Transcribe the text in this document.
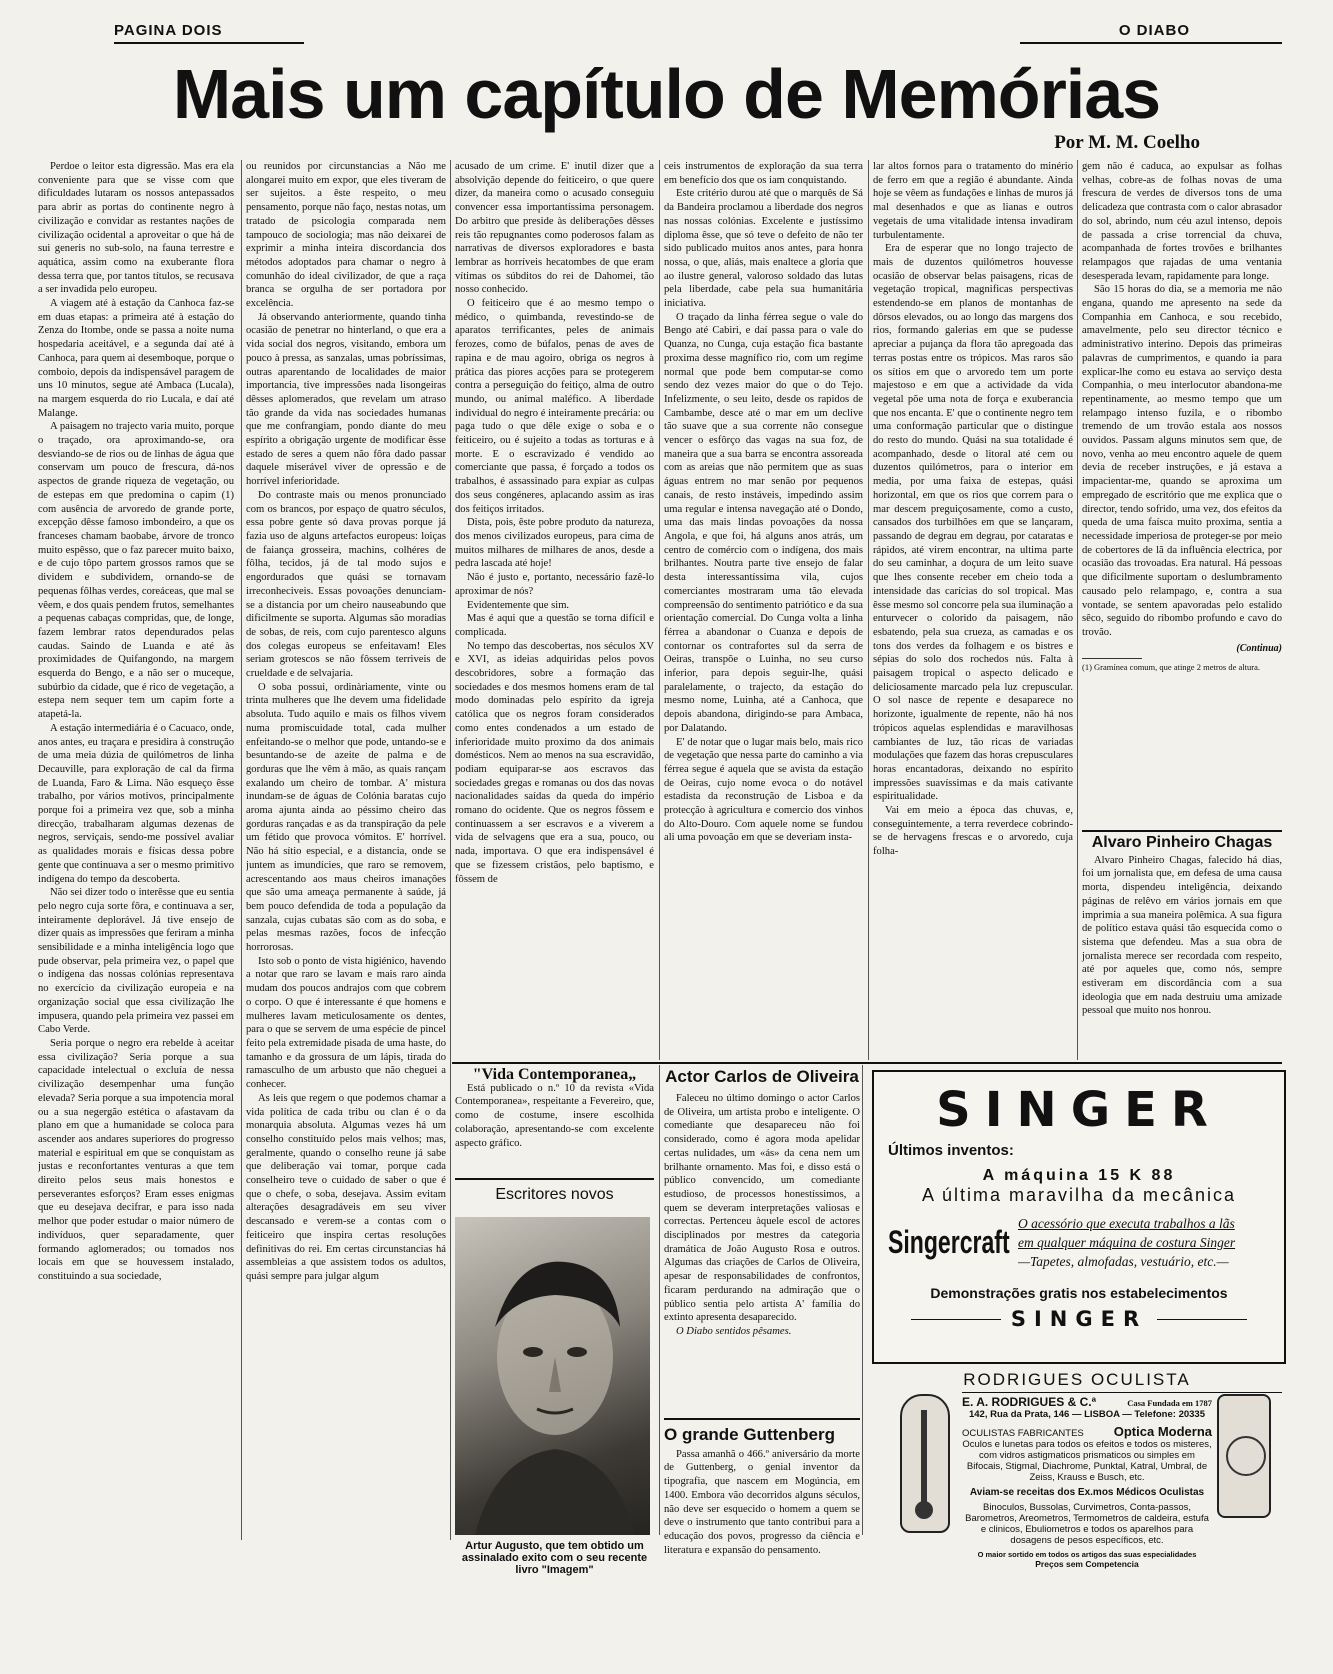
PAGINA DOIS	O DIABO
Mais um capítulo de Memórias
Por M. M. Coelho

Perdoe o leitor esta digressão. Mas era ela conveniente para que se visse com que dificuldades lutaram os nossos antepassados para abrir as portas do continente negro à civilização e convidar as restantes nações de civilização ocidental a aproveitar o que há de sui generis no sub-solo, na fauna terrestre e aquática, assim como na exuberante flora dessa terra que, por tantos títulos, se recusava a ser invadida pelo europeu.

A viagem até à estação da Canhoca faz-se em duas etapas: a primeira até à estação do Zenza do Itombe, onde se passa a noite numa hospedaria aceitável, e a segunda daí até à Canhoca, para quem ai desemboque, porque o comboio, depois da indispensável paragem de uns 10 minutos, segue até Ambaca (Lucala), na margem esquerda do rio Lucala, e daí até Malange.

A paisagem no trajecto varia muito, porque o traçado, ora aproximando-se, ora desviando-se de rios ou de linhas de água que conservam um pouco de frescura, dá-nos aspectos de grande riqueza de vegetação, ou de estepas em que predomina o capim (1) com ausência de arvoredo de grande porte, excepção dêsse famoso imbondeiro, a que os franceses chamam baobabe, árvore de tronco muito espêsso, que o faz parecer muito baixo, e de cujo tôpo partem grossos ramos que se dividem e subdividem, ornando-se de pequenas fôlhas verdes, coreáceas, que mal se vêem, e dos quais pendem frutos, semelhantes a pequenas cabaças compridas, que, de longe, fazem lembrar ratos dependurados pelas caudas. Saindo de Luanda e até às proximidades de Quifangondo, na margem esquerda do Bengo, e a não ser o muceque, subúrbio da cidade, que é rico de vegetação, a estepa nem sequer tem um capim forte a atapetá-la.

A estação intermediária é o Cacuaco, onde, anos antes, eu traçara e presidira à construção de uma meia dúzia de quilómetros de linha Decauville, para exploração de cal da firma de Luanda, Faro & Lima. Não esqueço êsse trabalho, por vários motivos, principalmente porque foi a primeira vez que, sob a minha direcção, trabalharam algumas dezenas de negros, serviçais, sendo-me possível avaliar as qualidades morais e físicas dessa pobre gente que continuava a ser o mesmo primitivo indígena do tempo da descoberta.

Não sei dizer todo o interêsse que eu sentia pelo negro cuja sorte fôra, e continuava a ser, inteiramente deplorável. Já tive ensejo de dizer quais as impressões que feriram a minha sensibilidade e a minha inteligência logo que pude observar, pela primeira vez, o papel que o indígena das nossas colónias representava no exercício da civilização europeia e na organização social que essa civilização lhe impusera, quando pela primeira vez passei em Cabo Verde.

Seria porque o negro era rebelde à aceitar essa civilização? Seria porque a sua capacidade intelectual o excluía de nessa civilização desempenhar uma função elevada? Seria porque a sua impotencia moral ou a sua negergão estética o afastavam da plano em que a humanidade se coloca para ascender aos andares superiores do progresso material e espiritual em que se conquistam as justas e reconfortantes venturas a que tem direito pelos seus mais honestos e perseverantes esforços? Eram esses enigmas que eu desejava decifrar, e para isso nada melhor que poder estudar o maior número de indivíduos, quer separadamente, quer formando aglomerados; ou tomados nos locais em que se houvessem instalado, constituindo a sua sociedade,

ou reunidos por circunstancias a Não me alongarei muito em expor, que eles tiveram de ser sujeitos. a êste respeito, o meu pensamento, porque não faço, nestas notas, um tratado de psicologia comparada nem tampouco de sociologia; mas não deixarei de exprimir a minha inteira discordancia dos métodos adoptados para chamar o negro à comunhão do ideal civilizador, de que a raça branca se orgulha de ser portadora por excelência.

Já observando anteriormente, quando tinha ocasião de penetrar no hinterland, o que era a vida social dos negros, visitando, embora um pouco à pressa, as sanzalas, umas pobríssimas, outras aparentando de localidades de maior importancia, tive impressões nada lisongeiras dêsses aplomerados, que revelam um atraso tão grande da vida nas sociedades humanas que me confrangiam, pondo diante do meu espírito a obrigação urgente de modificar êsse estado de seres a quem não fôra dado passar daquele miserável viver de opressão e de horrível inferioridade.

Do contraste mais ou menos pronunciado com os brancos, por espaço de quatro séculos, essa pobre gente só dava provas porque já fazia uso de alguns artefactos europeus: loiças de faiança grosseira, machins, colhéres de fôlha, tecidos, já de tal modo sujos e engordurados que quási se tornavam irreconheciveis. Essas povoações denunciam-se a distancia por um cheiro nauseabundo que dificilmente se suporta. Algumas são moradias de sobas, de reis, com cujo parentesco alguns dos colegas europeus se enfeitavam! Eles seriam grotescos se não fôssem terriveis de crueldade e de selvajaria.

O soba possui, ordinàriamente, vinte ou trinta mulheres que lhe devem uma fidelidade absoluta. Tudo aquilo e mais os filhos vivem numa promiscuidade total, cada mulher enfeitando-se o melhor que pode, untando-se e besuntando-se de azeite de palma e de gorduras que lhe vêm à mão, as quais rançam exalando um cheiro de tombar. A' mistura inundam-se de águas de Colónia baratas cujo aroma ajunta ainda ao péssimo cheiro das gorduras rançadas e as da transpiração da pele um fétido que provoca vómitos. E' horrível. Não há sítio especial, e a distancia, onde se juntem as imundícies, que raro se removem, acrescentando aos maus cheiros imanações que são uma ameaça permanente à saúde, já bem pouco defendida de toda a população da sanzala, cujas cubatas são com as do soba, e pelas mesmas razões, focos de infecção horrorosas.

Isto sob o ponto de vista higiénico, havendo a notar que raro se lavam e mais raro ainda mudam dos poucos andrajos com que cobrem o corpo. O que é interessante é que homens e mulheres lavam meticulosamente os dentes, para o que se servem de uma espécie de pincel feito pela extremidade pisada de uma haste, do tamanho e da grossura de um lápis, tirada do ramasculho de um arbusto que não cheguei a conhecer.

As leis que regem o que podemos chamar a vida política de cada tribu ou clan é o da monarquia absoluta. Algumas vezes há um conselho constituído pelos mais velhos; mas, geralmente, quando o conselho reune já sabe que deliberação vai tomar, porque cada conselheiro teve o cuidado de saber o que é que o chefe, o soba, desejava. Assim evitam alterações desagradáveis em seu viver descansado e verem-se a contas com o feiticeiro que inspira certas resoluções definitivas do rei. Em certas circunstancias há assembleias a que assistem todos os adultos, quási sempre para julgar algum

acusado de um crime. E' inutil dizer que a absolvição depende do feiticeiro, o que quere dizer, da maneira como o acusado conseguiu convencer essa importantíssima personagem. Do arbitro que preside às deliberações dêsses reis tão repugnantes como poderosos falam as narrativas de diversos exploradores e basta lembrar as horríveis hecatombes de que eram vítimas os súbditos do rei de Dahomei, tão nosso conhecido.

O feiticeiro que é ao mesmo tempo o médico, o quimbanda, revestindo-se de aparatos terrificantes, peles de animais ferozes, como de búfalos, penas de aves de rapina e de mau agoiro, obriga os negros à prática das piores acções para se protegerem contra a perseguição do feitiço, alma de outro mundo, ou animal maléfico. A liberdade individual do negro é inteiramente precária: ou paga tudo o que dêle exige o soba e o feiticeiro, ou é sujeito a todas as torturas e à morte. E o escravizado é vendido ao comerciante que passa, é forçado a todos os trabalhos, é assassinado para expiar as culpas dos seus congéneres, aplacando assim as iras dos feitiços irritados.

Dista, pois, êste pobre produto da natureza, dos menos civilizados europeus, para cima de muitos milhares de milhares de anos, desde a pedra lascada até hoje!

Não é justo e, portanto, necessário fazê-lo aproximar de nós?

Evidentemente que sim.

Mas é aqui que a questão se torna difícil e complicada.

No tempo das descobertas, nos séculos XV e XVI, as ideias adquiridas pelos povos descobridores, sobre a formação das sociedades e dos mesmos homens eram de tal modo dominadas pelo espírito da igreja católica que os negros foram considerados como entes condenados a um estado de inferioridade muito proximo da dos animais domésticos. Nem ao menos na sua escravidão, podiam equiparar-se aos escravos das sociedades gregas e romanas ou dos das novas nacionalidades saídas da queda do império romano do ocidente. Que os negros fôssem e continuassem a ser escravos e a viverem a vida de selvagens que era a sua, pouco, ou nada, importava. O que era indispensável é que se fizessem cristãos, pelo baptismo, e fôssem de

ceis instrumentos de exploração da sua terra em benefício dos que os iam conquistando.

Este critério durou até que o marquês de Sá da Bandeira proclamou a liberdade dos negros nas nossas colónias. Excelente e justíssimo diploma êsse, que só teve o defeito de não ter sido publicado muitos anos antes, para honra nossa, o que, aliás, mais enaltece a gloria que ao ilustre general, valoroso soldado das lutas pela liberdade, cabe pela sua humanitária iniciativa.

O traçado da linha férrea segue o vale do Bengo até Cabiri, e daí passa para o vale do Quanza, no Cunga, cuja estação fica bastante proxima desse magnífico rio, com um regime normal que pode bem computar-se como sendo dez vezes maior do que o do Tejo. Infelizmente, o seu leito, desde os rapidos de Cambambe, desce até o mar em um declive tão suave que a sua corrente não consegue vencer o esfôrço das vagas na sua foz, de maneira que a sua barra se encontra assoreada com as areias que não permitem que as suas águas entrem no mar senão por pequenos canais, de resto instáveis, impedindo assim uma regular e intensa navegação até o Dondo, uma das mais lindas povoações da nossa Angola, e que foi, há alguns anos atrás, um centro de comércio com o indígena, dos mais brilhantes. Noutra parte tive ensejo de falar desta interessantíssima vila, cujos comerciantes mostraram uma tão elevada compreensão do sentimento patriótico e da sua orientação comercial. Do Cunga volta a linha férrea a abandonar o Cuanza e depois de contornar os contrafortes sul da serra de Oeiras, transpõe o Luinha, no seu curso inferior, para depois seguir-lhe, quási paralelamente, o trajecto, da estação do mesmo nome, Luinha, até a Canhoca, que depois abandona, dirigindo-se para Ambaca, por Dalatando.

E' de notar que o lugar mais belo, mais rico de vegetação que nessa parte do caminho a via férrea segue é aquela que se avista da estação de Oeiras, cujo nome evoca o do notável estadista da reconstrução de Lisboa e da protecção à agricultura e comercio dos vinhos do Alto-Douro. Com aquele nome se fundou ali uma povoação em que se deveriam insta-

lar altos fornos para o tratamento do minério de ferro em que a região é abundante. Ainda hoje se vêem as fundações e linhas de muros já mal desenhados e que as lianas e outros vegetais de uma vitalidade intensa invadiram turbulentamente.

Era de esperar que no longo trajecto de mais de duzentos quilómetros houvesse ocasião de observar belas paisagens, ricas de vegetação tropical, magnificas perspectivas estendendo-se em planos de montanhas de dôrsos elevados, ou ao longo das margens dos rios, formando galerias em que se pudesse apreciar a pujança da flora tão apregoada das terras postas entre os trópicos. Mas raros são os sítios em que o arvoredo tem um porte majestoso e em que a actividade da vida vegetal põe uma nota de força e exuberancia que nos encanta. E' que o continente negro tem uma conformação particular que o distingue do resto do mundo. Quási na sua totalidade é acompanhado, desde o litoral até cem ou duzentos quilómetros, para o interior em media, por uma faixa de estepas, quási horizontal, em que os rios que correm para o mar descem preguiçosamente, como a custo, cansados dos turbilhões em que se lançaram, passando de degrau em degrau, por cataratas e rápidos, até virem encontrar, na ultima parte do seu caminhar, a doçura de um leito suave que lhes consente receber em cheio toda a intensidade das carícias do sol tropical. Mas êsse mesmo sol concorre pela sua iluminação a enturvecer o colorido da paisagem, não esbatendo, pela sua crueza, as camadas e os tons dos verdes da folhagem e os bistres e sépias do solo dos rochedos nús. Falta à paisagem tropical o aspecto delicado e deliciosamente marcado pela luz crepuscular. O sol nasce de repente e desaparece no horizonte, igualmente de repente, não há nos trópicos aquelas esplendidas e maravilhosas cambiantes de luz, tão ricas de variadas modulações que fazem das horas crepusculares horas encantadoras, deixando no espírito impressões suavíssimas e da mais cativante espiritualidade.

Vai em meio a época das chuvas, e, conseguintemente, a terra reverdece cobrindo-se de hervagens frescas e o arvoredo, cuja folha-

gem não é caduca, ao expulsar as folhas velhas, cobre-as de folhas novas de uma frescura de verdes de diversos tons de uma delicadeza que contrasta com o calor abrasador do sol, abrindo, num céu azul intenso, depois de passada a crise torrencial da chuva, acompanhada de fortes trovões e brilhantes relampagos que rajadas de uma ventania desesperada levam, rapidamente para longe.

São 15 horas do dia, se a memoria me não engana, quando me apresento na sede da Companhia em Canhoca, e sou recebido, amavelmente, pelo seu director técnico e administrativo interino. Depois das primeiras palavras de cumprimentos, e quando ia para explicar-lhe como eu estava ao serviço desta Companhia, o meu interlocutor abandona-me repentinamente, ao mesmo tempo que um relampago intenso fuzila, e o ribombo tremendo de um trovão estala aos nossos ouvidos. Passam alguns minutos sem que, de novo, venha ao meu encontro aquele de quem devia de receber instruções, e já estava a impacientar-me, quando se aproxima um empregado de escritório que me explica que o director, tendo sofrido, uma vez, dos efeitos da queda de uma faísca muito proxima, sentia a necessidade imperiosa de proteger-se por meio de cobertores de lã da influência electrica, por ocasião das trovoadas. Era natural. Há pessoas que dificilmente suportam o deslumbramento causado pelo relampago, e, contra a sua vontade, se sentem apavoradas pelo estalido sêco, seguido do ribombo profundo e cavo do trovão.

(Continua)
(1) Gramínea comum, que atinge 2 metros de altura.
Alvaro Pinheiro Chagas

Alvaro Pinheiro Chagas, falecido há dias, foi um jornalista que, em defesa de uma causa morta, dispendeu inteligência, deixando páginas de relêvo em vários jornais em que imprimia a sua maneira polêmica. A sua figura de político estava quási tão esquecida como o sistema que defendeu. Mas a sua obra de jornalista merece ser recordada com respeito, até por aqueles que, como nós, sempre estiveram em discordância com a sua ideologia que em nada destruiu uma amizade pessoal que muito nos honrou.

"Vida Contemporanea„

Está publicado o n.º 10 da revista «Vida Contemporanea», respeitante a Fevereiro, que, como de costume, insere escolhida colaboração, apresentando-se com excelente aspecto gráfico.

Escritores novos
Artur Augusto, que tem obtido um assinalado exito com o seu recente livro "Imagem"
Actor Carlos de Oliveira

Faleceu no último domingo o actor Carlos de Oliveira, um artista probo e inteligente. O comediante que desapareceu não foi considerado, como é agora moda apelidar certas nulidades, um «ás» da cena nem um brilhante ornamento. Mas foi, e disso está o público convencido, um comediante estudioso, de processos honestíssimos, a quem se deveram interpretações valiosas e correctas. Pertenceu àquele escol de actores disciplinados por mestres da categoria dramática de João Augusto Rosa e outros. Algumas das criações de Carlos de Oliveira, apesar de responsabilidades de confrontos, ficaram perdurando na admiração que o público sentia pelo artista A' família do extinto apresenta desaparecido.

O Diabo sentidos pêsames.

O grande Guttenberg

Passa amanhã o 466.º aniversário da morte de Guttenberg, o genial inventor da tipografia, que nascem em Mogúncia, em 1400. Embora vão decorridos alguns séculos, não deve ser esquecido o homem a quem se deve o instrumento que tanto contribui para a educação dos povos, progresso da ciência e literatura e expansão do pensamento.

SINGER
Últimos inventos:
A máquina 15 K 88
A última maravilha da mecânica
Singercraft
O acessório que executa trabalhos a lãs
em qualquer máquina de costura Singer
—Tapetes, almofadas, vestuário, etc.—
Demonstrações gratis nos estabelecimentos
SINGER
RODRIGUES OCULISTA
E. A. RODRIGUES & C.ª	Casa Fundada em 1787
142, Rua da Prata, 146 — LISBOA — Telefone: 20335
OCULISTAS FABRICANTES Optica Moderna
Oculos e lunetas para todos os efeitos e todos os misteres, com vidros astigmaticos prismaticos ou simples em Bifocais, Stigmal, Diachrome, Punktal, Katral, Umbral, de Zeiss, Krauss e Busch, etc.
Aviam-se receitas dos Ex.mos Médicos Oculistas
Binoculos, Bussolas, Curvimetros, Conta-passos, Barometros, Areometros, Termometros de caldeira, estufa e clinicos, Ebuliometros e todos os aparelhos para dosagens de pesos específicos, etc.
O maior sortido em todos os artigos das suas especialidades
Preços sem Competencia
